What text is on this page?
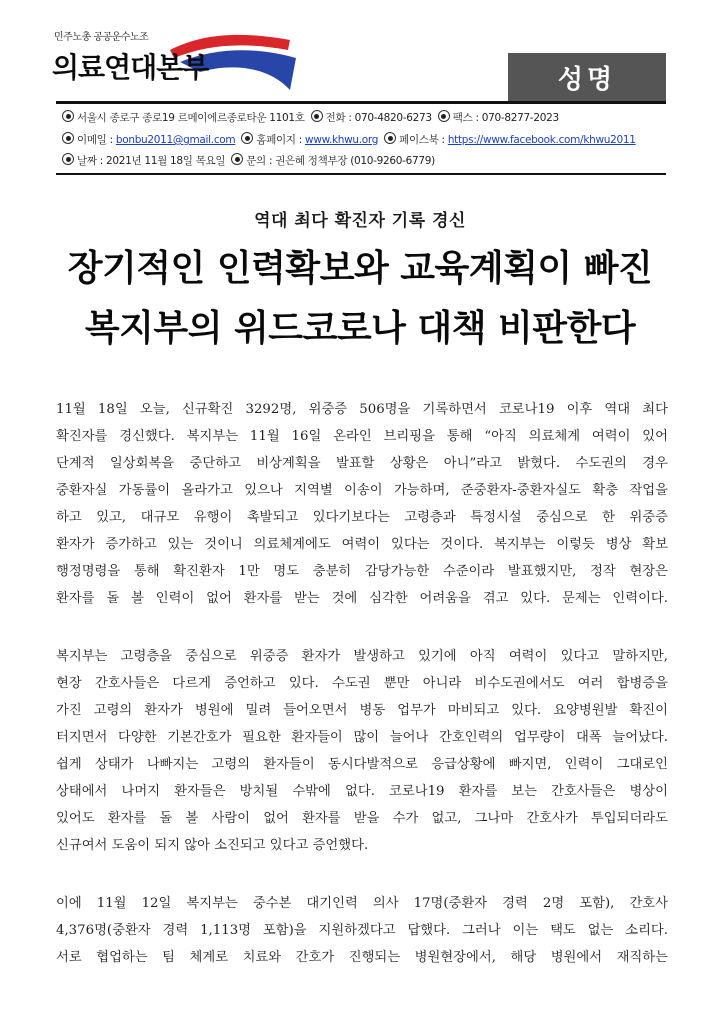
민주노총 공공운수노조
의료연대본부	성명
서울시 종로구 종로19 르메이에르종로타운 1101호 전화 : 070-4820-6273 팩스 : 070-8277-2023
이메일 : bonbu2011@gmail.com 홈페이지 : www.khwu.org 페이스북 : https://www.facebook.com/khwu2011
날짜 : 2021년 11월 18일 목요일 문의 : 권은혜 정책부장 (010-9260-6779)
역대 최다 확진자 기록 경신
장기적인 인력확보와 교육계획이 빠진
복지부의 위드코로나 대책 비판한다
11월 18일 오늘, 신규확진 3292명, 위중증 506명을 기록하면서 코로나19 이후 역대 최다
확진자를 경신했다. 복지부는 11월 16일 온라인 브리핑을 통해 “아직 의료체계 여력이 있어
단계적 일상회복을 중단하고 비상계획을 발표할 상황은 아니”라고 밝혔다. 수도권의 경우
중환자실 가동률이 올라가고 있으나 지역별 이송이 가능하며, 준중환자-중환자실도 확충 작업을
하고 있고, 대규모 유행이 촉발되고 있다기보다는 고령층과 특정시설 중심으로 한 위중증
환자가 증가하고 있는 것이니 의료체계에도 여력이 있다는 것이다. 복지부는 이렇듯 병상 확보
행정명령을 통해 확진환자 1만 명도 충분히 감당가능한 수준이라 발표했지만, 정작 현장은
환자를 돌 볼 인력이 없어 환자를 받는 것에 심각한 어려움을 겪고 있다. 문제는 인력이다.
복지부는 고령층을 중심으로 위중증 환자가 발생하고 있기에 아직 여력이 있다고 말하지만,
현장 간호사들은 다르게 증언하고 있다. 수도권 뿐만 아니라 비수도권에서도 여러 합병증을
가진 고령의 환자가 병원에 밀려 들어오면서 병동 업무가 마비되고 있다. 요양병원발 확진이
터지면서 다양한 기본간호가 필요한 환자들이 많이 늘어나 간호인력의 업무량이 대폭 늘어났다.
쉽게 상태가 나빠지는 고령의 환자들이 동시다발적으로 응급상황에 빠지면, 인력이 그대로인
상태에서 나머지 환자들은 방치될 수밖에 없다. 코로나19 환자를 보는 간호사들은 병상이
있어도 환자를 돌 볼 사람이 없어 환자를 받을 수가 없고, 그나마 간호사가 투입되더라도
신규여서 도움이 되지 않아 소진되고 있다고 증언했다.
이에 11월 12일 복지부는 중수본 대기인력 의사 17명(중환자 경력 2명 포함), 간호사
4,376명(중환자 경력 1,113명 포함)을 지원하겠다고 답했다. 그러나 이는 택도 없는 소리다.
서로 협업하는 팀 체계로 치료와 간호가 진행되는 병원현장에서, 해당 병원에서 재직하는
